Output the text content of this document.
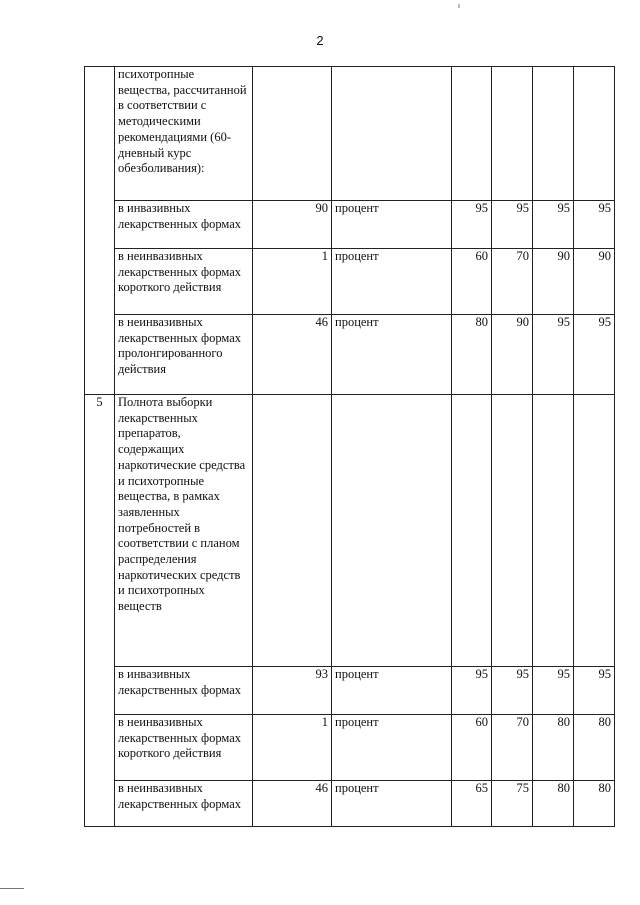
2
	психотропные вещества, рассчитанной в соответствии с методическими рекомендациями (60-дневный курс обезболивания):						
	в инвазивных лекарственных формах	90	процент	95	95	95	95
	в неинвазивных лекарственных формах короткого действия	1	процент	60	70	90	90
	в неинвазивных лекарственных формах пролонгированного действия	46	процент	80	90	95	95
5	Полнота выборки лекарственных препаратов, содержащих наркотические средства и психотропные вещества, в рамках заявленных потребностей в соответствии с планом распределения наркотических средств и психотропных веществ						
	в инвазивных лекарственных формах	93	процент	95	95	95	95
	в неинвазивных лекарственных формах короткого действия	1	процент	60	70	80	80
	в неинвазивных лекарственных формах	46	процент	65	75	80	80
